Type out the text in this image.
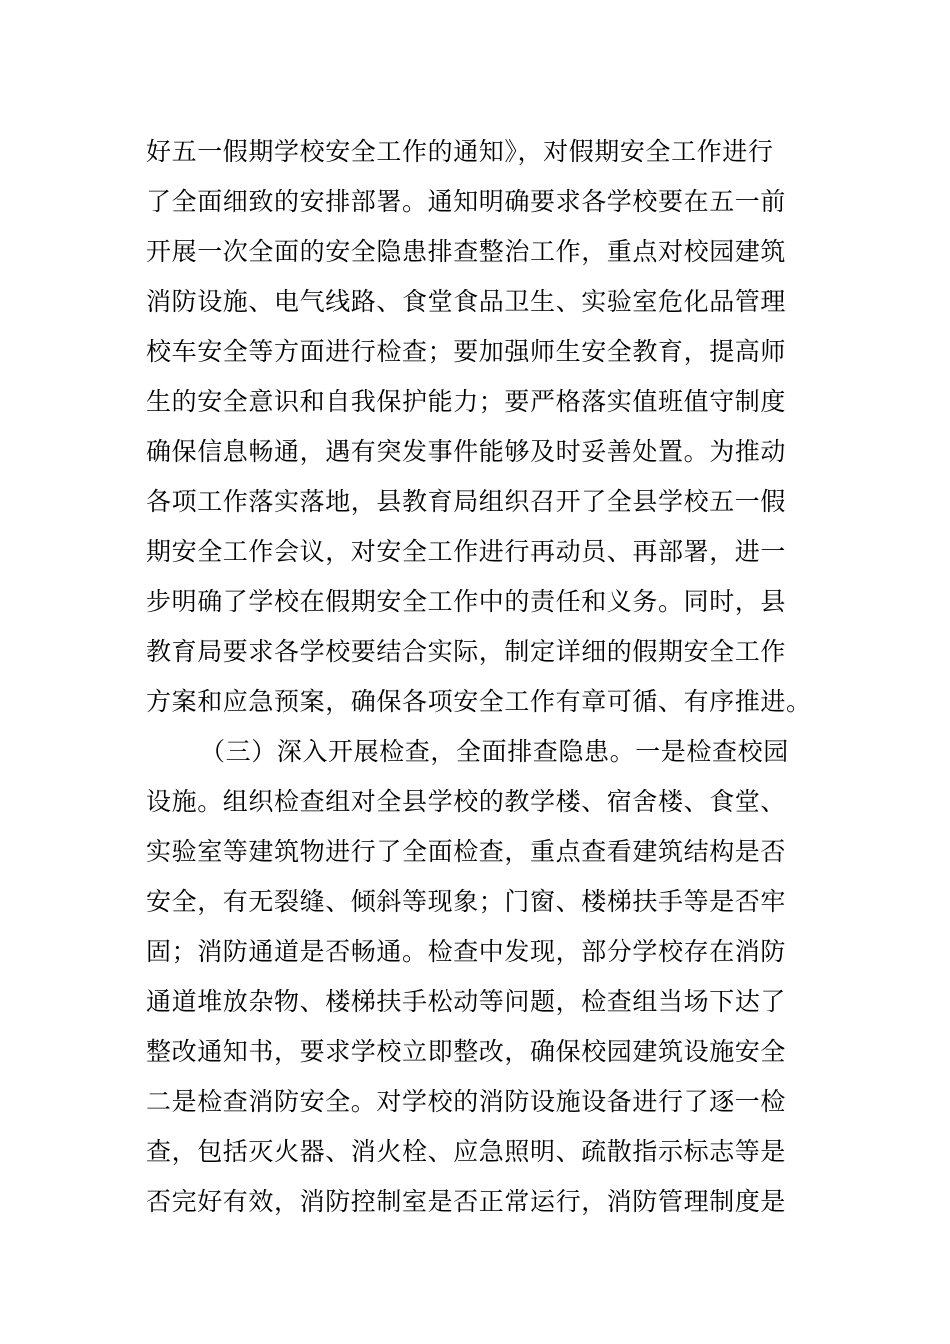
好五一假期学校安全工作的通知》，对假期安全工作进行
了全面细致的安排部署。通知明确要求各学校要在五一前
开展一次全面的安全隐患排查整治工作，重点对校园建筑
消防设施、电气线路、食堂食品卫生、实验室危化品管理
校车安全等方面进行检查；要加强师生安全教育，提高师
生的安全意识和自我保护能力；要严格落实值班值守制度
确保信息畅通，遇有突发事件能够及时妥善处置。为推动
各项工作落实落地，县教育局组织召开了全县学校五一假
期安全工作会议，对安全工作进行再动员、再部署，进一
步明确了学校在假期安全工作中的责任和义务。同时，县
教育局要求各学校要结合实际，制定详细的假期安全工作
方案和应急预案，确保各项安全工作有章可循、有序推进。
（三）深入开展检查，全面排查隐患。一是检查校园
设施。组织检查组对全县学校的教学楼、宿舍楼、食堂、
实验室等建筑物进行了全面检查，重点查看建筑结构是否
安全，有无裂缝、倾斜等现象；门窗、楼梯扶手等是否牢
固；消防通道是否畅通。检查中发现，部分学校存在消防
通道堆放杂物、楼梯扶手松动等问题，检查组当场下达了
整改通知书，要求学校立即整改，确保校园建筑设施安全
二是检查消防安全。对学校的消防设施设备进行了逐一检
查，包括灭火器、消火栓、应急照明、疏散指示标志等是
否完好有效，消防控制室是否正常运行，消防管理制度是
